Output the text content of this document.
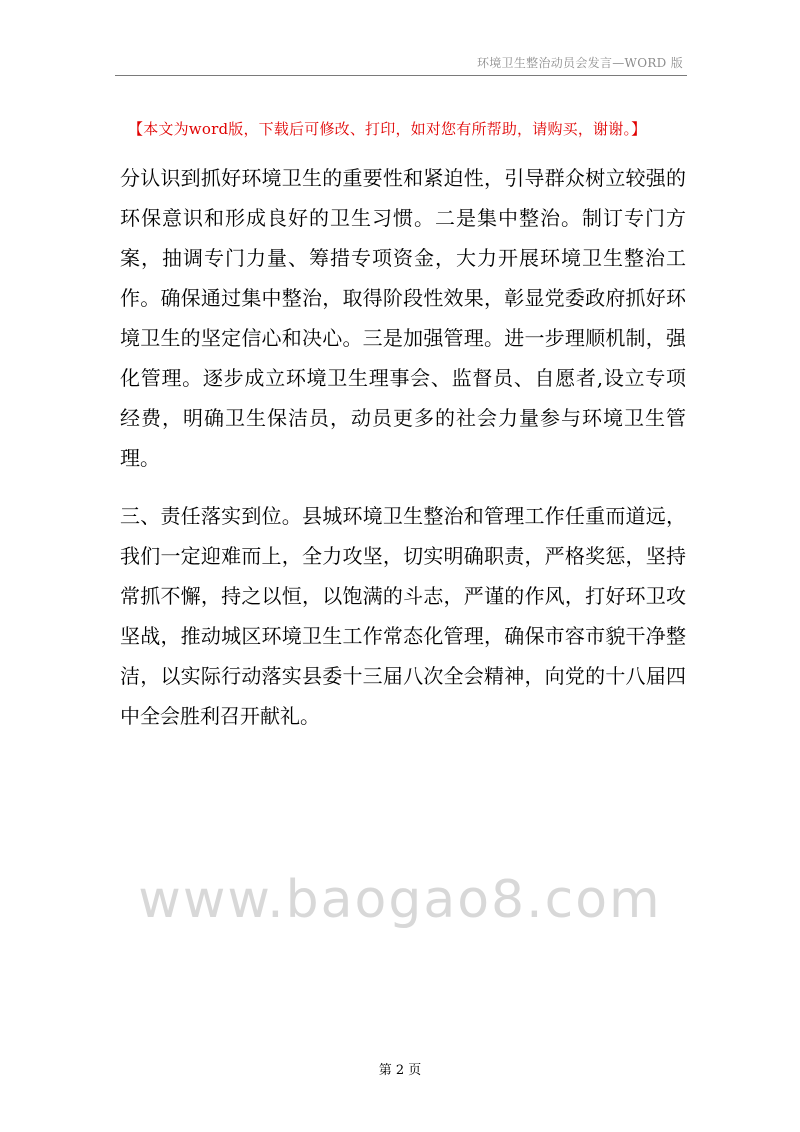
环境卫生整治动员会发言—WORD 版
【本文为word版，下载后可修改、打印，如对您有所帮助，请购买，谢谢。】

分认识到抓好环境卫生的重要性和紧迫性，引导群众树立较强的环保意识和形成良好的卫生习惯。二是集中整治。制订专门方案，抽调专门力量、筹措专项资金，大力开展环境卫生整治工作。确保通过集中整治，取得阶段性效果，彰显党委政府抓好环境卫生的坚定信心和决心。三是加强管理。进一步理顺机制，强化管理。逐步成立环境卫生理事会、监督员、自愿者,设立专项经费，明确卫生保洁员，动员更多的社会力量参与环境卫生管理。

三、责任落实到位。县城环境卫生整治和管理工作任重而道远，我们一定迎难而上，全力攻坚，切实明确职责，严格奖惩，坚持常抓不懈，持之以恒，以饱满的斗志，严谨的作风，打好环卫攻坚战，推动城区环境卫生工作常态化管理，确保市容市貌干净整洁，以实际行动落实县委十三届八次全会精神，向党的十八届四中全会胜利召开献礼。

www.baogao8.com
第 2 页
